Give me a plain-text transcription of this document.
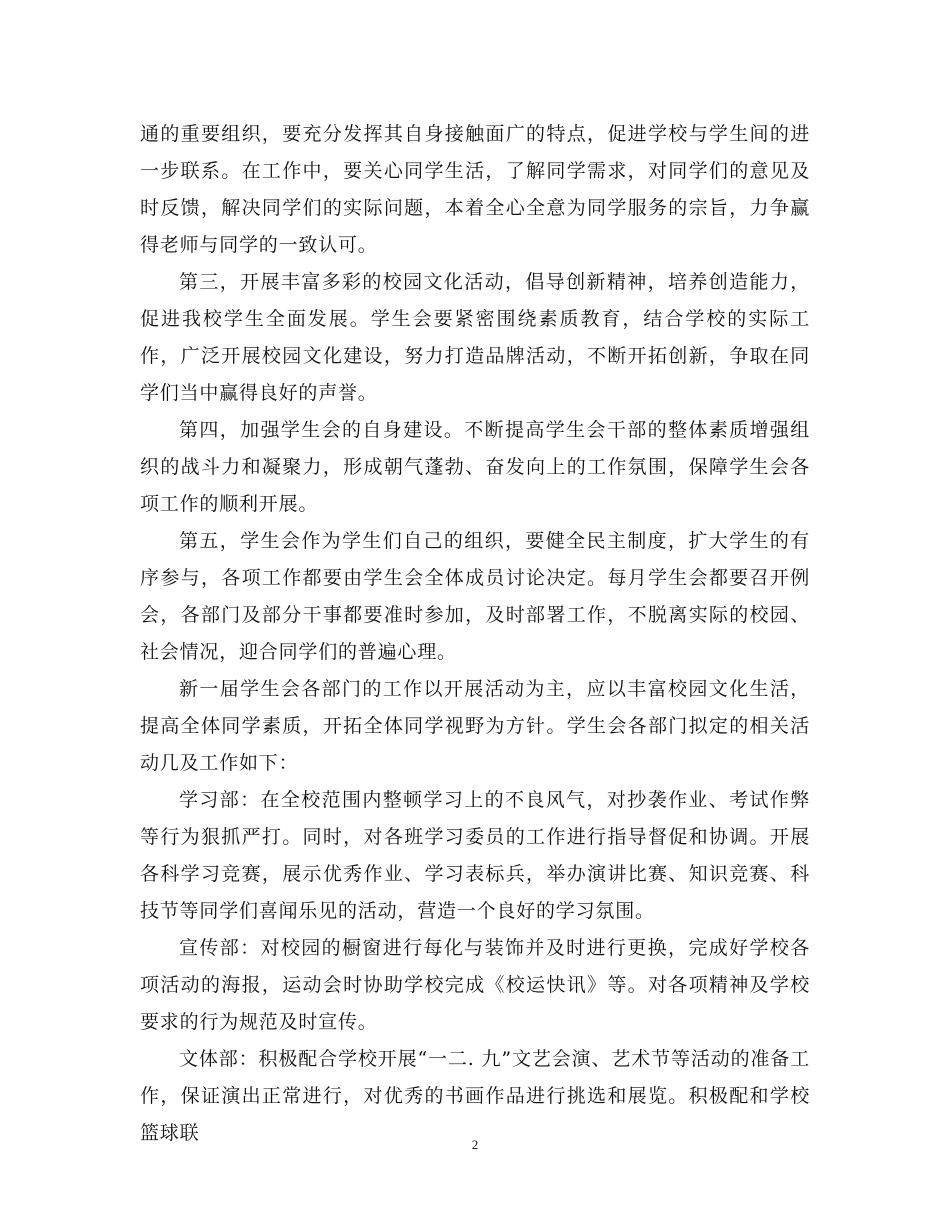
通的重要组织，要充分发挥其自身接触面广的特点，促进学校与学生间的进一步联系。在工作中，要关心同学生活，了解同学需求，对同学们的意见及时反馈，解决同学们的实际问题，本着全心全意为同学服务的宗旨，力争赢得老师与同学的一致认可。

第三，开展丰富多彩的校园文化活动，倡导创新精神，培养创造能力，促进我校学生全面发展。学生会要紧密围绕素质教育，结合学校的实际工作，广泛开展校园文化建设，努力打造品牌活动，不断开拓创新，争取在同学们当中赢得良好的声誉。

第四，加强学生会的自身建设。不断提高学生会干部的整体素质增强组织的战斗力和凝聚力，形成朝气蓬勃、奋发向上的工作氛围，保障学生会各项工作的顺利开展。

第五，学生会作为学生们自己的组织，要健全民主制度，扩大学生的有序参与，各项工作都要由学生会全体成员讨论决定。每月学生会都要召开例会，各部门及部分干事都要准时参加，及时部署工作，不脱离实际的校园、社会情况，迎合同学们的普遍心理。

新一届学生会各部门的工作以开展活动为主，应以丰富校园文化生活，提高全体同学素质，开拓全体同学视野为方针。学生会各部门拟定的相关活动几及工作如下：

学习部：在全校范围内整顿学习上的不良风气，对抄袭作业、考试作弊等行为狠抓严打。同时，对各班学习委员的工作进行指导督促和协调。开展各科学习竞赛，展示优秀作业、学习表标兵，举办演讲比赛、知识竞赛、科技节等同学们喜闻乐见的活动，营造一个良好的学习氛围。

宣传部：对校园的橱窗进行每化与装饰并及时进行更换，完成好学校各项活动的海报，运动会时协助学校完成《校运快讯》等。对各项精神及学校要求的行为规范及时宣传。

文体部：积极配合学校开展“一二. 九”文艺会演、艺术节等活动的准备工作，保证演出正常进行，对优秀的书画作品进行挑选和展览。积极配和学校篮球联

2
